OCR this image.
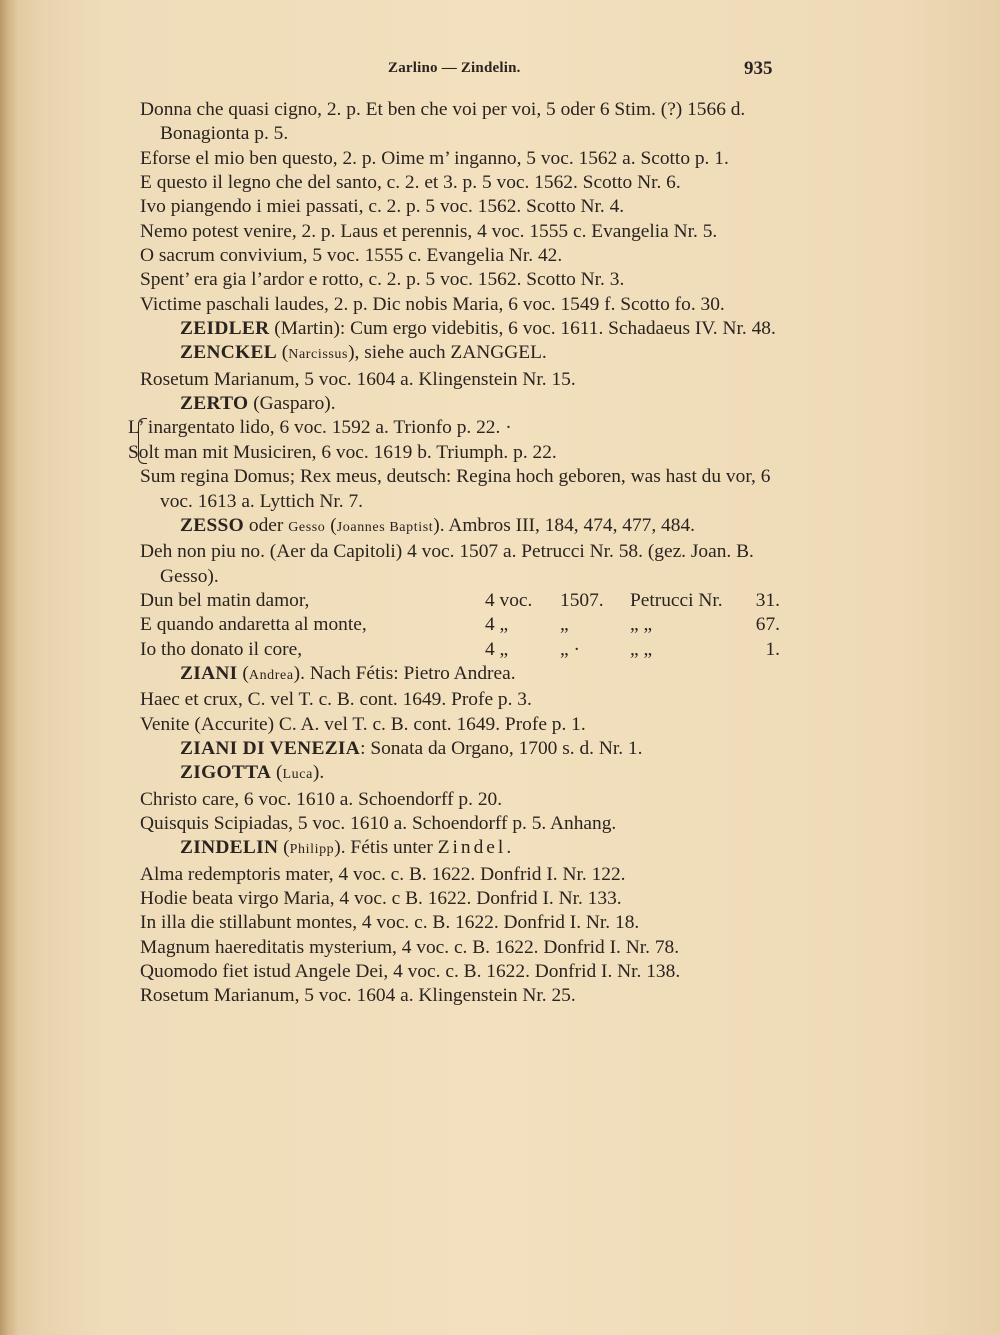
Zarlino — Zindelin.	935

Donna che quasi cigno, 2. p. Et ben che voi per voi, 5 oder 6 Stim. (?) 1566 d. Bonagionta p. 5.

Eforse el mio ben questo, 2. p. Oime m’ inganno, 5 voc. 1562 a. Scotto p. 1.

E questo il legno che del santo, c. 2. et 3. p. 5 voc. 1562. Scotto Nr. 6.

Ivo piangendo i miei passati, c. 2. p. 5 voc. 1562. Scotto Nr. 4.

Nemo potest venire, 2. p. Laus et perennis, 4 voc. 1555 c. Evangelia Nr. 5.

O sacrum convivium, 5 voc. 1555 c. Evangelia Nr. 42.

Spent’ era gia l’ardor e rotto, c. 2. p. 5 voc. 1562. Scotto Nr. 3.

Victime paschali laudes, 2. p. Dic nobis Maria, 6 voc. 1549 f. Scotto fo. 30.

ZEIDLER (Martin): Cum ergo videbitis, 6 voc. 1611. Schadaeus IV. Nr. 48.

ZENCKEL (Narcissus), siehe auch ZANGGEL.

Rosetum Marianum, 5 voc. 1604 a. Klingenstein Nr. 15.

ZERTO (Gasparo).

L’ inargentato lido, 6 voc. 1592 a. Trionfo p. 22. ·

Solt man mit Musiciren, 6 voc. 1619 b. Triumph. p. 22.

Sum regina Domus; Rex meus, deutsch: Regina hoch geboren, was hast du vor, 6 voc. 1613 a. Lyttich Nr. 7.

ZESSO oder Gesso (Joannes Baptist). Ambros III, 184, 474, 477, 484.

Deh non piu no. (Aer da Capitoli) 4 voc. 1507 a. Petrucci Nr. 58. (gez. Joan. B. Gesso).

Dun bel matin damor,	4 voc. 1507. Petrucci Nr. 31.
E quando andaretta al monte,	4 „	„	„ „	67.
Io tho donato il core,	4 „	„ ·	„ „	1.

ZIANI (Andrea). Nach Fétis: Pietro Andrea.

Haec et crux, C. vel T. c. B. cont. 1649. Profe p. 3.

Venite (Accurite) C. A. vel T. c. B. cont. 1649. Profe p. 1.

ZIANI DI VENEZIA: Sonata da Organo, 1700 s. d. Nr. 1.

ZIGOTTA (Luca).

Christo care, 6 voc. 1610 a. Schoendorff p. 20.

Quisquis Scipiadas, 5 voc. 1610 a. Schoendorff p. 5. Anhang.

ZINDELIN (Philipp). Fétis unter Zindel.

Alma redemptoris mater, 4 voc. c. B. 1622. Donfrid I. Nr. 122.

Hodie beata virgo Maria, 4 voc. c B. 1622. Donfrid I. Nr. 133.

In illa die stillabunt montes, 4 voc. c. B. 1622. Donfrid I. Nr. 18.

Magnum haereditatis mysterium, 4 voc. c. B. 1622. Donfrid I. Nr. 78.

Quomodo fiet istud Angele Dei, 4 voc. c. B. 1622. Donfrid I. Nr. 138.

Rosetum Marianum, 5 voc. 1604 a. Klingenstein Nr. 25.
